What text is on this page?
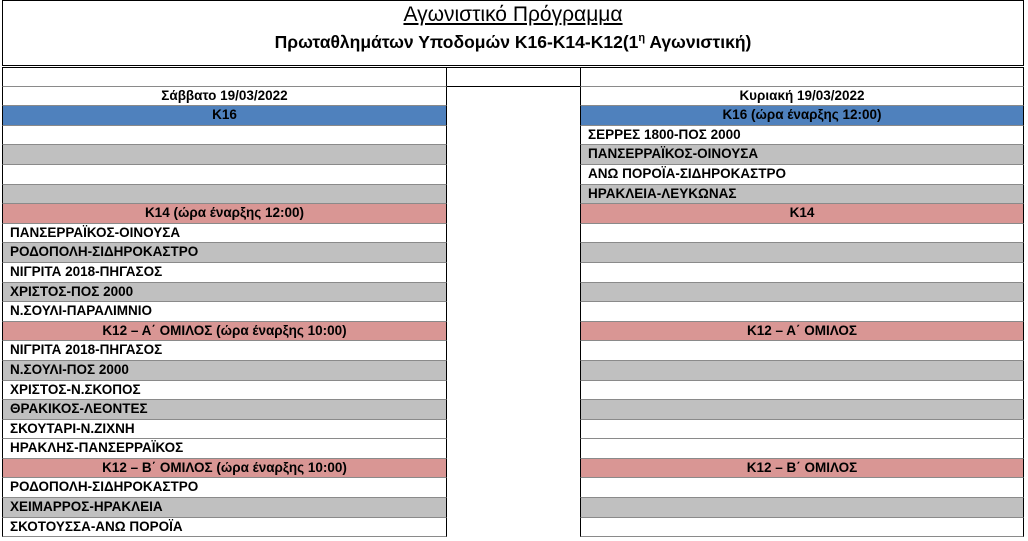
Αγωνιστικό Πρόγραμμα
Πρωταθλημάτων Υποδομών $K16-K14-K12(1^\eta$ Αγωνιστική)
Σάββατο 19/03/2022
Κ16
Κ14 (ώρα έναρξης 12:00)
ΠΑΝΣΕΡΡΑΪΚΟΣ-ΟΙΝΟΥΣΑ
ΡΟΔΟΠΟΛΗ-ΣΙΔΗΡΟΚΑΣΤΡΟ
ΝΙΓΡΙΤΑ 2018-ΠΗΓΑΣΟΣ
ΧΡΙΣΤΟΣ-ΠΟΣ 2000
Ν.ΣΟΥΛΙ-ΠΑΡΑΛΙΜΝΙΟ
Κ12 – Α΄ ΟΜΙΛΟΣ (ώρα έναρξης 10:00)
ΝΙΓΡΙΤΑ 2018-ΠΗΓΑΣΟΣ
Ν.ΣΟΥΛΙ-ΠΟΣ 2000
ΧΡΙΣΤΟΣ-Ν.ΣΚΟΠΟΣ
ΘΡΑΚΙΚΟΣ-ΛΕΟΝΤΕΣ
ΣΚΟΥΤΑΡΙ-Ν.ΖΙΧΝΗ
ΗΡΑΚΛΗΣ-ΠΑΝΣΕΡΡΑΪΚΟΣ
Κ12 – Β΄ ΟΜΙΛΟΣ (ώρα έναρξης 10:00)
ΡΟΔΟΠΟΛΗ-ΣΙΔΗΡΟΚΑΣΤΡΟ
ΧΕΙΜΑΡΡΟΣ-ΗΡΑΚΛΕΙΑ
ΣΚΟΤΟΥΣΣΑ-ΑΝΩ ΠΟΡΟΪΑ
Κυριακή 19/03/2022
Κ16 (ώρα έναρξης 12:00)
ΣΕΡΡΕΣ 1800-ΠΟΣ 2000
ΠΑΝΣΕΡΡΑΪΚΟΣ-ΟΙΝΟΥΣΑ
ΑΝΩ ΠΟΡΟΪΑ-ΣΙΔΗΡΟΚΑΣΤΡΟ
ΗΡΑΚΛΕΙΑ-ΛΕΥΚΩΝΑΣ
Κ14
Κ12 – Α΄ ΟΜΙΛΟΣ
Κ12 – Β΄ ΟΜΙΛΟΣ
